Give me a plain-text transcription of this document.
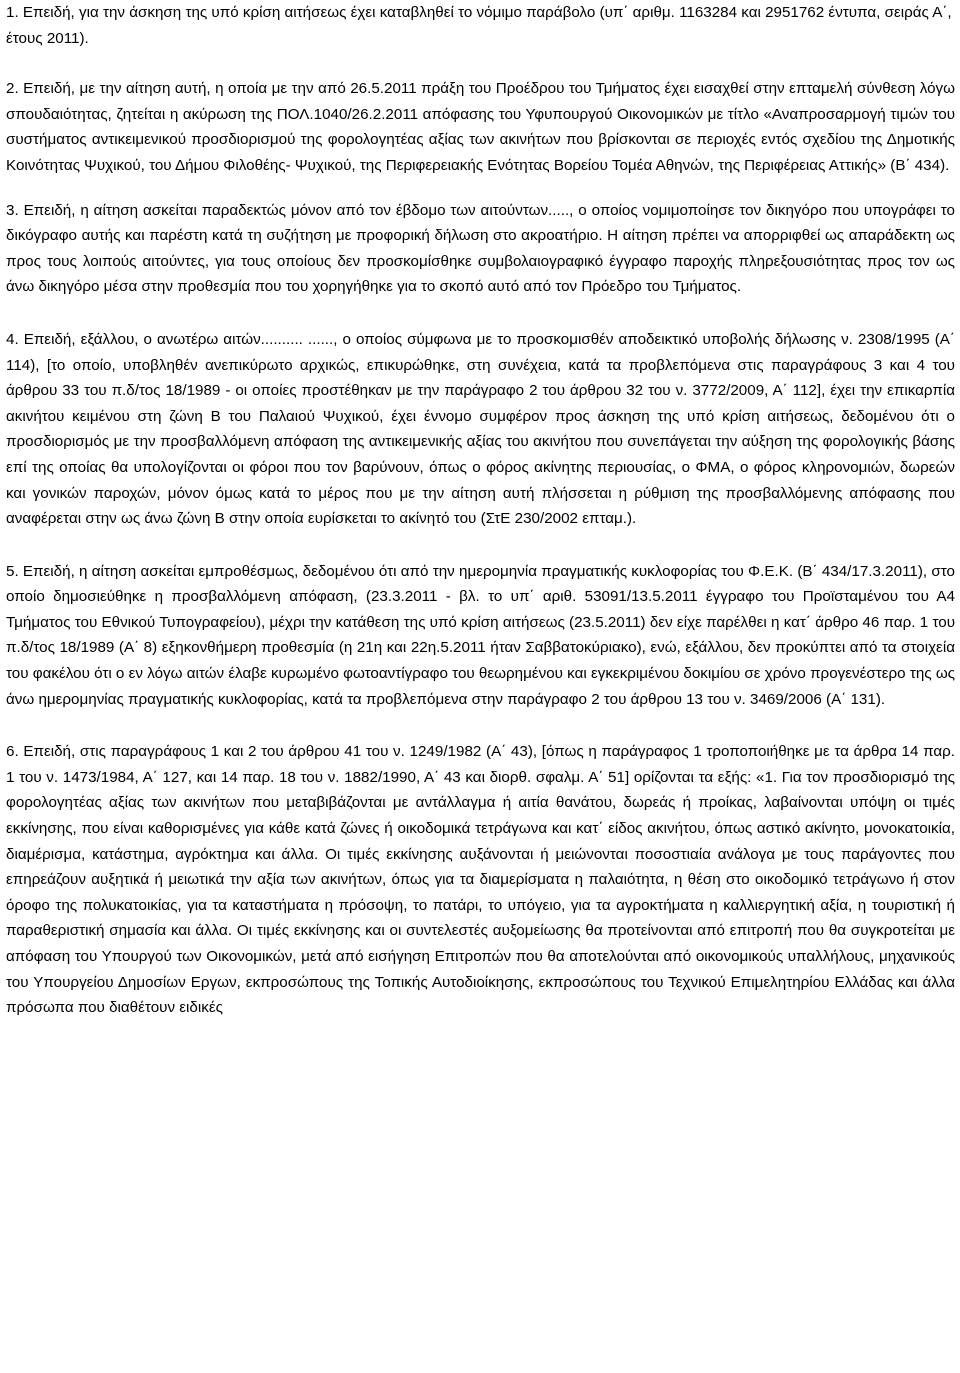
1. Επειδή, για την άσκηση της υπό κρίση αιτήσεως έχει καταβληθεί το νόμιμο παράβολο (υπ΄ αριθμ. 1163284 και 2951762 έντυπα, σειράς Α΄, έτους 2011).

2. Επειδή, με την αίτηση αυτή, η οποία με την από 26.5.2011 πράξη του Προέδρου του Τμήματος έχει εισαχθεί στην επταμελή σύνθεση λόγω σπουδαιότητας, ζητείται η ακύρωση της ΠΟΛ.1040/26.2.2011 απόφασης του Υφυπουργού Οικονομικών με τίτλο «Αναπροσαρμογή τιμών του συστήματος αντικειμενικού προσδιορισμού της φορολογητέας αξίας των ακινήτων που βρίσκονται σε περιοχές εντός σχεδίου της Δημοτικής Κοινότητας Ψυχικού, του Δήμου Φιλοθέης- Ψυχικού, της Περιφερειακής Ενότητας Βορείου Τομέα Αθηνών, της Περιφέρειας Αττικής» (Β΄ 434).

3. Επειδή, η αίτηση ασκείται παραδεκτώς μόνον από τον έβδομο των αιτούντων....., ο οποίος νομιμοποίησε τον δικηγόρο που υπογράφει το δικόγραφο αυτής και παρέστη κατά τη συζήτηση με προφορική δήλωση στο ακροατήριο. Η αίτηση πρέπει να απορριφθεί ως απαράδεκτη ως προς τους λοιπούς αιτούντες, για τους οποίους δεν προσκομίσθηκε συμβολαιογραφικό έγγραφο παροχής πληρεξουσιότητας προς τον ως άνω δικηγόρο μέσα στην προθεσμία που του χορηγήθηκε για το σκοπό αυτό από τον Πρόεδρο του Τμήματος.

4. Επειδή, εξάλλου, ο ανωτέρω αιτών.......... ......, ο οποίος σύμφωνα με το προσκομισθέν αποδεικτικό υποβολής δήλωσης ν. 2308/1995 (Α΄ 114), [το οποίο, υποβληθέν ανεπικύρωτο αρχικώς, επικυρώθηκε, στη συνέχεια, κατά τα προβλεπόμενα στις παραγράφους 3 και 4 του άρθρου 33 του π.δ/τος 18/1989 - οι οποίες προστέθηκαν με την παράγραφο 2 του άρθρου 32 του ν. 3772/2009, Α΄ 112], έχει την επικαρπία ακινήτου κειμένου στη ζώνη Β του Παλαιού Ψυχικού, έχει έννομο συμφέρον προς άσκηση της υπό κρίση αιτήσεως, δεδομένου ότι ο προσδιορισμός με την προσβαλλόμενη απόφαση της αντικειμενικής αξίας του ακινήτου που συνεπάγεται την αύξηση της φορολογικής βάσης επί της οποίας θα υπολογίζονται οι φόροι που τον βαρύνουν, όπως ο φόρος ακίνητης περιουσίας, ο ΦΜΑ, ο φόρος κληρονομιών, δωρεών και γονικών παροχών, μόνον όμως κατά το μέρος που με την αίτηση αυτή πλήσσεται η ρύθμιση της προσβαλλόμενης απόφασης που αναφέρεται στην ως άνω ζώνη Β στην οποία ευρίσκεται το ακίνητό του (ΣτΕ 230/2002 επταμ.).

5. Επειδή, η αίτηση ασκείται εμπροθέσμως, δεδομένου ότι από την ημερομηνία πραγματικής κυκλοφορίας του Φ.Ε.Κ. (Β΄ 434/17.3.2011), στο οποίο δημοσιεύθηκε η προσβαλλόμενη απόφαση, (23.3.2011 - βλ. το υπ΄ αριθ. 53091/13.5.2011 έγγραφο του Προϊσταμένου του Α4 Τμήματος του Εθνικού Τυπογραφείου), μέχρι την κατάθεση της υπό κρίση αιτήσεως (23.5.2011) δεν είχε παρέλθει η κατ΄ άρθρο 46 παρ. 1 του π.δ/τος 18/1989 (Α΄ 8) εξηκονθήμερη προθεσμία (η 21η και 22η.5.2011 ήταν Σαββατοκύριακο), ενώ, εξάλλου, δεν προκύπτει από τα στοιχεία του φακέλου ότι ο εν λόγω αιτών έλαβε κυρωμένο φωτοαντίγραφο του θεωρημένου και εγκεκριμένου δοκιμίου σε χρόνο προγενέστερο της ως άνω ημερομηνίας πραγματικής κυκλοφορίας, κατά τα προβλεπόμενα στην παράγραφο 2 του άρθρου 13 του ν. 3469/2006 (Α΄ 131).

6. Επειδή, στις παραγράφους 1 και 2 του άρθρου 41 του ν. 1249/1982 (Α΄ 43), [όπως η παράγραφος 1 τροποποιήθηκε με τα άρθρα 14 παρ. 1 του ν. 1473/1984, Α΄ 127, και 14 παρ. 18 του ν. 1882/1990, Α΄ 43 και διορθ. σφαλμ. Α΄ 51] ορίζονται τα εξής: «1. Για τον προσδιορισμό της φορολογητέας αξίας των ακινήτων που μεταβιβάζονται με αντάλλαγμα ή αιτία θανάτου, δωρεάς ή προίκας, λαβαίνονται υπόψη οι τιμές εκκίνησης, που είναι καθορισμένες για κάθε κατά ζώνες ή οικοδομικά τετράγωνα και κατ΄ είδος ακινήτου, όπως αστικό ακίνητο, μονοκατοικία, διαμέρισμα, κατάστημα, αγρόκτημα και άλλα. Οι τιμές εκκίνησης αυξάνονται ή μειώνονται ποσοστιαία ανάλογα με τους παράγοντες που επηρεάζουν αυξητικά ή μειωτικά την αξία των ακινήτων, όπως για τα διαμερίσματα η παλαιότητα, η θέση στο οικοδομικό τετράγωνο ή στον όροφο της πολυκατοικίας, για τα καταστήματα η πρόσοψη, το πατάρι, το υπόγειο, για τα αγροκτήματα η καλλιεργητική αξία, η τουριστική ή παραθεριστική σημασία και άλλα. Οι τιμές εκκίνησης και οι συντελεστές αυξομείωσης θα προτείνονται από επιτροπή που θα συγκροτείται με απόφαση του Υπουργού των Οικονομικών, μετά από εισήγηση Επιτροπών που θα αποτελούνται από οικονομικούς υπαλλήλους, μηχανικούς του Υπουργείου Δημοσίων Εργων, εκπροσώπους της Τοπικής Αυτοδιοίκησης, εκπροσώπους του Τεχνικού Επιμελητηρίου Ελλάδας και άλλα πρόσωπα που διαθέτουν ειδικές
